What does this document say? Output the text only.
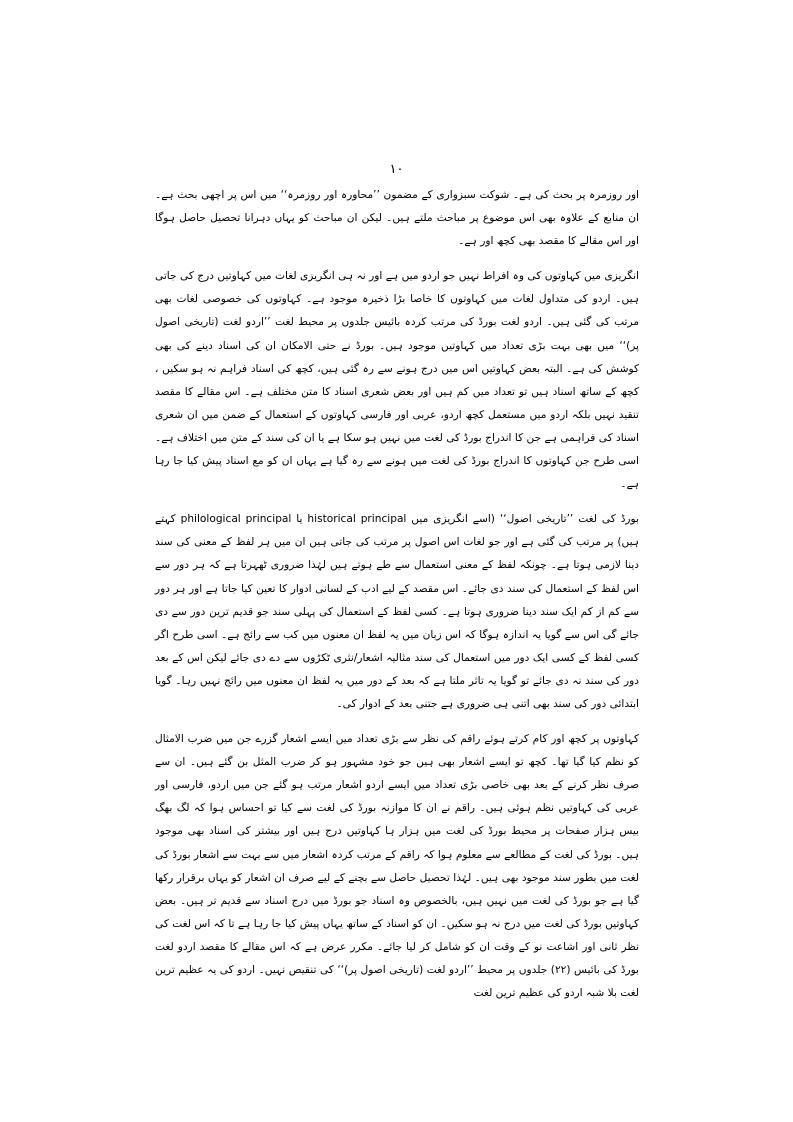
۱۰

اور روزمرہ پر بحث کی ہے۔ شوکت سبزواری کے مضمون ’’محاورہ اور روزمرہ‘‘ میں اس پر اچھی بحث ہے۔ ان منابع کے علاوہ بھی اس موضوع پر مباحث ملتے ہیں۔ لیکن ان مباحث کو یہاں دہرانا تحصیل حاصل ہوگا اور اس مقالے کا مقصد بھی کچھ اور ہے۔

انگریزی میں کہاوتوں کی وہ افراط نہیں جو اردو میں ہے اور نہ ہی انگریزی لغات میں کہاوتیں درج کی جاتی ہیں۔ اردو کی متداول لغات میں کہاوتوں کا خاصا بڑا ذخیرہ موجود ہے۔ کہاوتوں کی خصوصی لغات بھی مرتب کی گئی ہیں۔ اردو لغت بورڈ کی مرتب کردہ بائیس جلدوں پر محیط لغت ’’اردو لغت (تاریخی اصول پر)‘‘ میں بھی بہت بڑی تعداد میں کہاوتیں موجود ہیں۔ بورڈ نے حتی الامکان ان کی اسناد دینے کی بھی کوشش کی ہے۔ البتہ بعض کہاوتیں اس میں درج ہونے سے رہ گئی ہیں، کچھ کی اسناد فراہم نہ ہو سکیں ، کچھ کے ساتھ اسناد ہیں تو تعداد میں کم ہیں اور بعض شعری اسناد کا متن مختلف ہے۔ اس مقالے کا مقصد تنقید نہیں بلکہ اردو میں مستعمل کچھ اردو، عربی اور فارسی کہاوتوں کے استعمال کے ضمن میں ان شعری اسناد کی فراہمی ہے جن کا اندراج بورڈ کی لغت میں نہیں ہو سکا ہے یا ان کی سند کے متن میں اختلاف ہے۔ اسی طرح جن کہاوتوں کا اندراج بورڈ کی لغت میں ہونے سے رہ گیا ہے یہاں ان کو مع اسناد پیش کیا جا رہا ہے۔

بورڈ کی لغت ’’تاریخی اصول‘‘ (اسے انگریزی میں historical principal یا philological principal کہتے ہیں) پر مرتب کی گئی ہے اور جو لغات اس اصول پر مرتب کی جاتی ہیں ان میں ہر لفظ کے معنی کی سند دینا لازمی ہوتا ہے۔ چونکہ لفظ کے معنی استعمال سے طے ہوتے ہیں لہٰذا ضروری ٹھہرتا ہے کہ ہر دور سے اس لفظ کے استعمال کی سند دی جائے۔ اس مقصد کے لیے ادب کے لسانی ادوار کا تعین کیا جاتا ہے اور ہر دور سے کم از کم ایک سند دینا ضروری ہوتا ہے۔ کسی لفظ کے استعمال کی پہلی سند جو قدیم ترین دور سے دی جائے گی اس سے گویا یہ اندازہ ہوگا کہ اس زبان میں یہ لفظ ان معنوں میں کب سے رائج ہے۔ اسی طرح اگر کسی لفظ کے کسی ایک دور میں استعمال کی سند مثالیہ اشعار/نثری ٹکڑوں سے دے دی جائے لیکن اس کے بعد دور کی سند نہ دی جائے تو گویا یہ تاثر ملتا ہے کہ بعد کے دور میں یہ لفظ ان معنوں میں رائج نہیں رہا۔ گویا ابتدائی دور کی سند بھی اتنی ہی ضروری ہے جتنی بعد کے ادوار کی۔

کہاوتوں پر کچھ اور کام کرتے ہوئے راقم کی نظر سے بڑی تعداد میں ایسے اشعار گزرے جن میں ضرب الامثال کو نظم کیا گیا تھا۔ کچھ تو ایسے اشعار بھی ہیں جو خود مشہور ہو کر ضرب المثل بن گئے ہیں۔ ان سے صرف نظر کرنے کے بعد بھی خاصی بڑی تعداد میں ایسے اردو اشعار مرتب ہو گئے جن میں اردو، فارسی اور عربی کی کہاوتیں نظم ہوئی ہیں۔ راقم نے ان کا موازنہ بورڈ کی لغت سے کیا تو احساس ہوا کہ لگ بھگ بیس ہزار صفحات پر محیط بورڈ کی لغت میں ہزار ہا کہاوتیں درج ہیں اور بیشتر کی اسناد بھی موجود ہیں۔ بورڈ کی لغت کے مطالعے سے معلوم ہوا کہ راقم کے مرتب کردہ اشعار میں سے بہت سے اشعار بورڈ کی لغت میں بطور سند موجود بھی ہیں۔ لہٰذا تحصیل حاصل سے بچنے کے لیے صرف ان اشعار کو یہاں برقرار رکھا گیا ہے جو بورڈ کی لغت میں نہیں ہیں، بالخصوص وہ اسناد جو بورڈ میں درج اسناد سے قدیم تر ہیں۔ بعض کہاوتیں بورڈ کی لغت میں درج نہ ہو سکیں۔ ان کو اسناد کے ساتھ یہاں پیش کیا جا رہا ہے تا کہ اس لغت کی نظر ثانی اور اشاعت نو کے وقت ان کو شامل کر لیا جائے۔ مکرر عرض ہے کہ اس مقالے کا مقصد اردو لغت بورڈ کی بائیس (۲۲) جلدوں پر محیط ’’اردو لغت (تاریخی اصول پر)‘‘ کی تنقیص نہیں۔ اردو کی یہ عظیم ترین لغت بلا شبہ اردو کی عظیم ترین لغت
